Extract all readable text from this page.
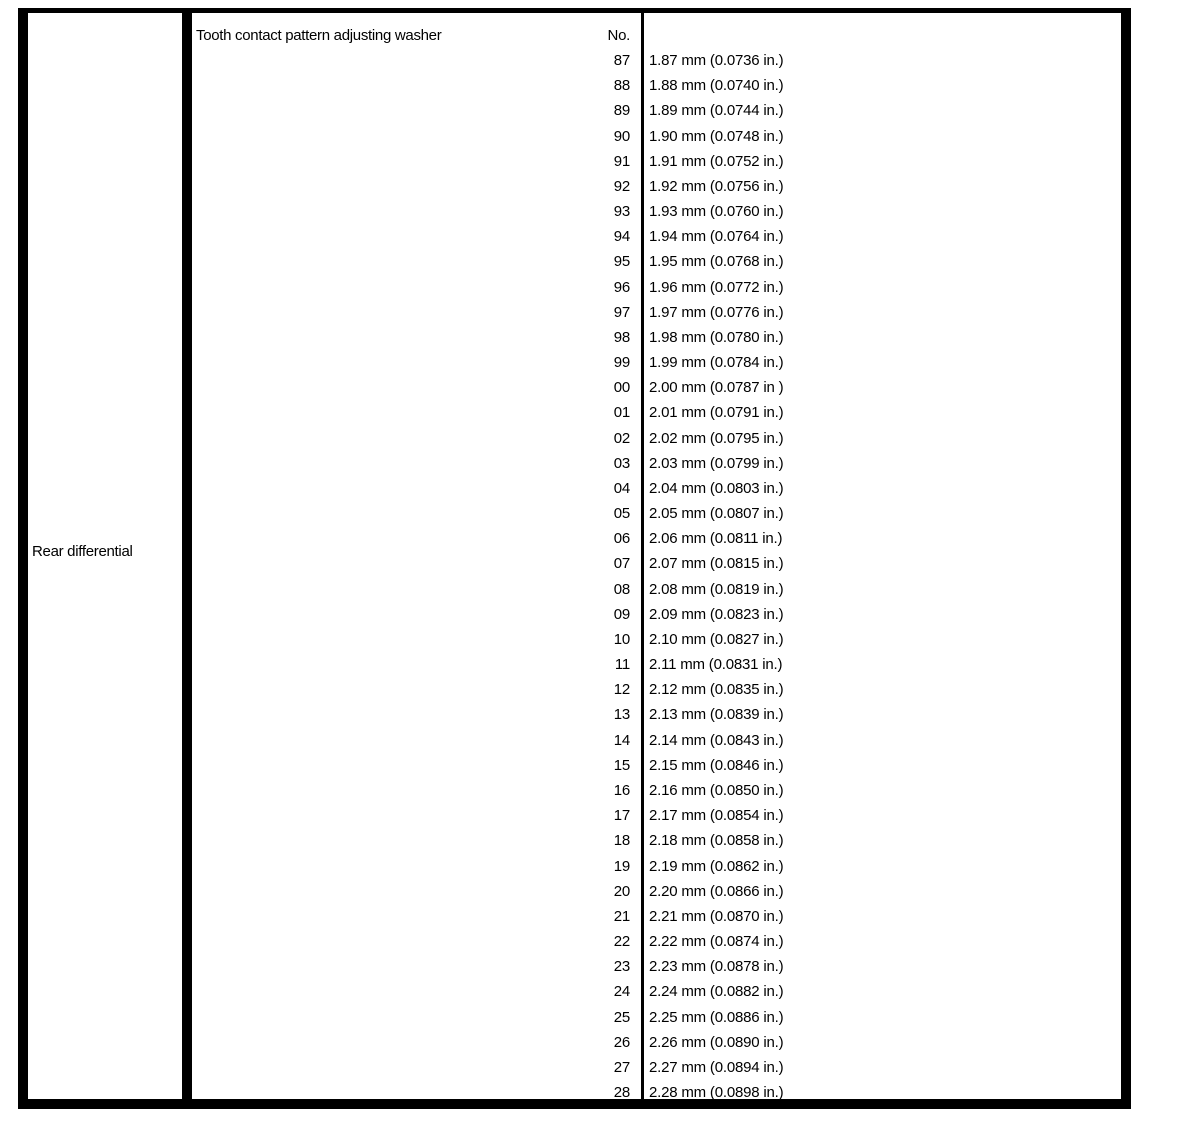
Rear differential
Tooth contact pattern adjusting washer	No.
87 1.87 mm (0.0736 in.)
88 1.88 mm (0.0740 in.)
89 1.89 mm (0.0744 in.)
90 1.90 mm (0.0748 in.)
91 1.91 mm (0.0752 in.)
92 1.92 mm (0.0756 in.)
93 1.93 mm (0.0760 in.)
94 1.94 mm (0.0764 in.)
95 1.95 mm (0.0768 in.)
96 1.96 mm (0.0772 in.)
97 1.97 mm (0.0776 in.)
98 1.98 mm (0.0780 in.)
99 1.99 mm (0.0784 in.)
00 2.00 mm (0.0787 in )
01 2.01 mm (0.0791 in.)
02 2.02 mm (0.0795 in.)
03 2.03 mm (0.0799 in.)
04 2.04 mm (0.0803 in.)
05 2.05 mm (0.0807 in.)
06 2.06 mm (0.0811 in.)
07 2.07 mm (0.0815 in.)
08 2.08 mm (0.0819 in.)
09 2.09 mm (0.0823 in.)
10 2.10 mm (0.0827 in.)
11 2.11 mm (0.0831 in.)
12 2.12 mm (0.0835 in.)
13 2.13 mm (0.0839 in.)
14 2.14 mm (0.0843 in.)
15 2.15 mm (0.0846 in.)
16 2.16 mm (0.0850 in.)
17 2.17 mm (0.0854 in.)
18 2.18 mm (0.0858 in.)
19 2.19 mm (0.0862 in.)
20 2.20 mm (0.0866 in.)
21 2.21 mm (0.0870 in.)
22 2.22 mm (0.0874 in.)
23 2.23 mm (0.0878 in.)
24 2.24 mm (0.0882 in.)
25 2.25 mm (0.0886 in.)
26 2.26 mm (0.0890 in.)
27 2.27 mm (0.0894 in.)
28 2.28 mm (0.0898 in.)
